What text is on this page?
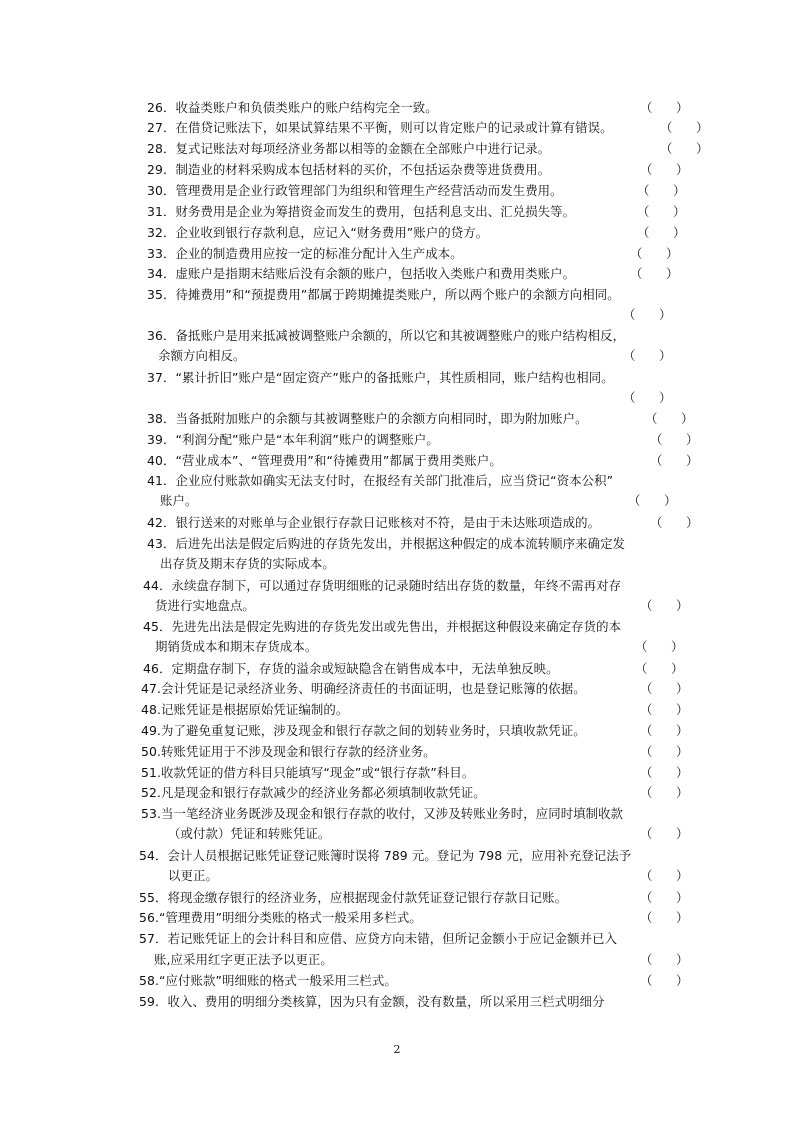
26．收益类账户和负债类账户的账户结构完全一致。	（      ）
27．在借贷记账法下，如果试算结果不平衡，则可以肯定账户的记录或计算有错误。	（      ）
28．复式记账法对每项经济业务都以相等的金额在全部账户中进行记录。	（      ）
29．制造业的材料采购成本包括材料的买价，不包括运杂费等进货费用。	（      ）
30．管理费用是企业行政管理部门为组织和管理生产经营活动而发生费用。	（      ）
31．财务费用是企业为筹措资金而发生的费用，包括利息支出、汇兑损失等。	（      ）
32．企业收到银行存款利息，应记入“财务费用”账户的贷方。	（      ）
33．企业的制造费用应按一定的标准分配计入生产成本。	（      ）
34．虚账户是指期末结账后没有余额的账户，包括收入类账户和费用类账户。	（      ）
35．待摊费用”和“预提费用”都属于跨期摊提类账户，所以两个账户的余额方向相同。
（      ）
36．备抵账户是用来抵减被调整账户余额的，所以它和其被调整账户的账户结构相反，
余额方向相反。	（      ）
37．“累计折旧”账户是“固定资产”账户的备抵账户，其性质相同，账户结构也相同。
（      ）
38．当备抵附加账户的余额与其被调整账户的余额方向相同时，即为附加账户。	（      ）
39．“利润分配”账户是“本年利润”账户的调整账户。	（      ）
40．“营业成本”、“管理费用”和“待摊费用”都属于费用类账户。	（      ）
41．企业应付账款如确实无法支付时，在报经有关部门批准后，应当贷记“资本公积”
账户。	（      ）
42．银行送来的对账单与企业银行存款日记账核对不符，是由于未达账项造成的。	（      ）
43．后进先出法是假定后购进的存货先发出，并根据这种假定的成本流转顺序来确定发
出存货及期末存货的实际成本。
44．永续盘存制下，可以通过存货明细账的记录随时结出存货的数量，年终不需再对存
货进行实地盘点。	（      ）
45．先进先出法是假定先购进的存货先发出或先售出，并根据这种假设来确定存货的本
期销货成本和期末存货成本。	（      ）
46．定期盘存制下，存货的溢余或短缺隐含在销售成本中，无法单独反映。	（      ）
47.会计凭证是记录经济业务、明确经济责任的书面证明，也是登记账簿的依据。	（      ）
48.记账凭证是根据原始凭证编制的。	（      ）
49.为了避免重复记账，涉及现金和银行存款之间的划转业务时，只填收款凭证。	（      ）
50.转账凭证用于不涉及现金和银行存款的经济业务。	（      ）
51.收款凭证的借方科目只能填写“现金”或“银行存款”科目。	（      ）
52.凡是现金和银行存款减少的经济业务都必须填制收款凭证。	（      ）
53.当一笔经济业务既涉及现金和银行存款的收付，又涉及转账业务时，应同时填制收款
（或付款）凭证和转账凭证。	（      ）
54．会计人员根据记账凭证登记账簿时误将 789 元。登记为 798 元，应用补充登记法予
以更正。	（      ）
55．将现金缴存银行的经济业务，应根据现金付款凭证登记银行存款日记账。	（      ）
56.“管理费用”明细分类账的格式一般采用多栏式。	（      ）
57．若记账凭证上的会计科目和应借、应贷方向未错，但所记金额小于应记金额并已入
账,应采用红字更正法予以更正。	（      ）
58.“应付账款”明细账的格式一般采用三栏式。	（      ）
59．收入、费用的明细分类核算，因为只有金额，没有数量，所以采用三栏式明细分
2
